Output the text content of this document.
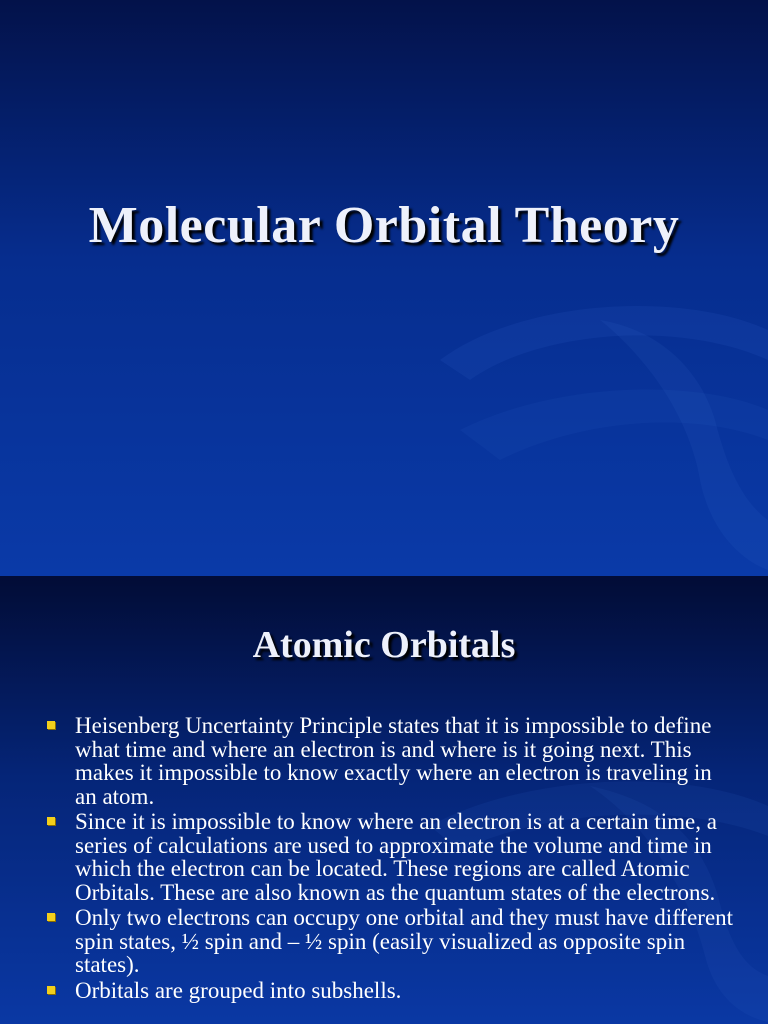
Molecular Orbital Theory
Atomic Orbitals
Heisenberg Uncertainty Principle states that it is impossible to define what time and where an electron is and where is it going next. This makes it impossible to know exactly where an electron is traveling in an atom.
Since it is impossible to know where an electron is at a certain time, a series of calculations are used to approximate the volume and time in which the electron can be located. These regions are called Atomic Orbitals. These are also known as the quantum states of the electrons.
Only two electrons can occupy one orbital and they must have different spin states, ½ spin and – ½ spin (easily visualized as opposite spin states).
Orbitals are grouped into subshells.
